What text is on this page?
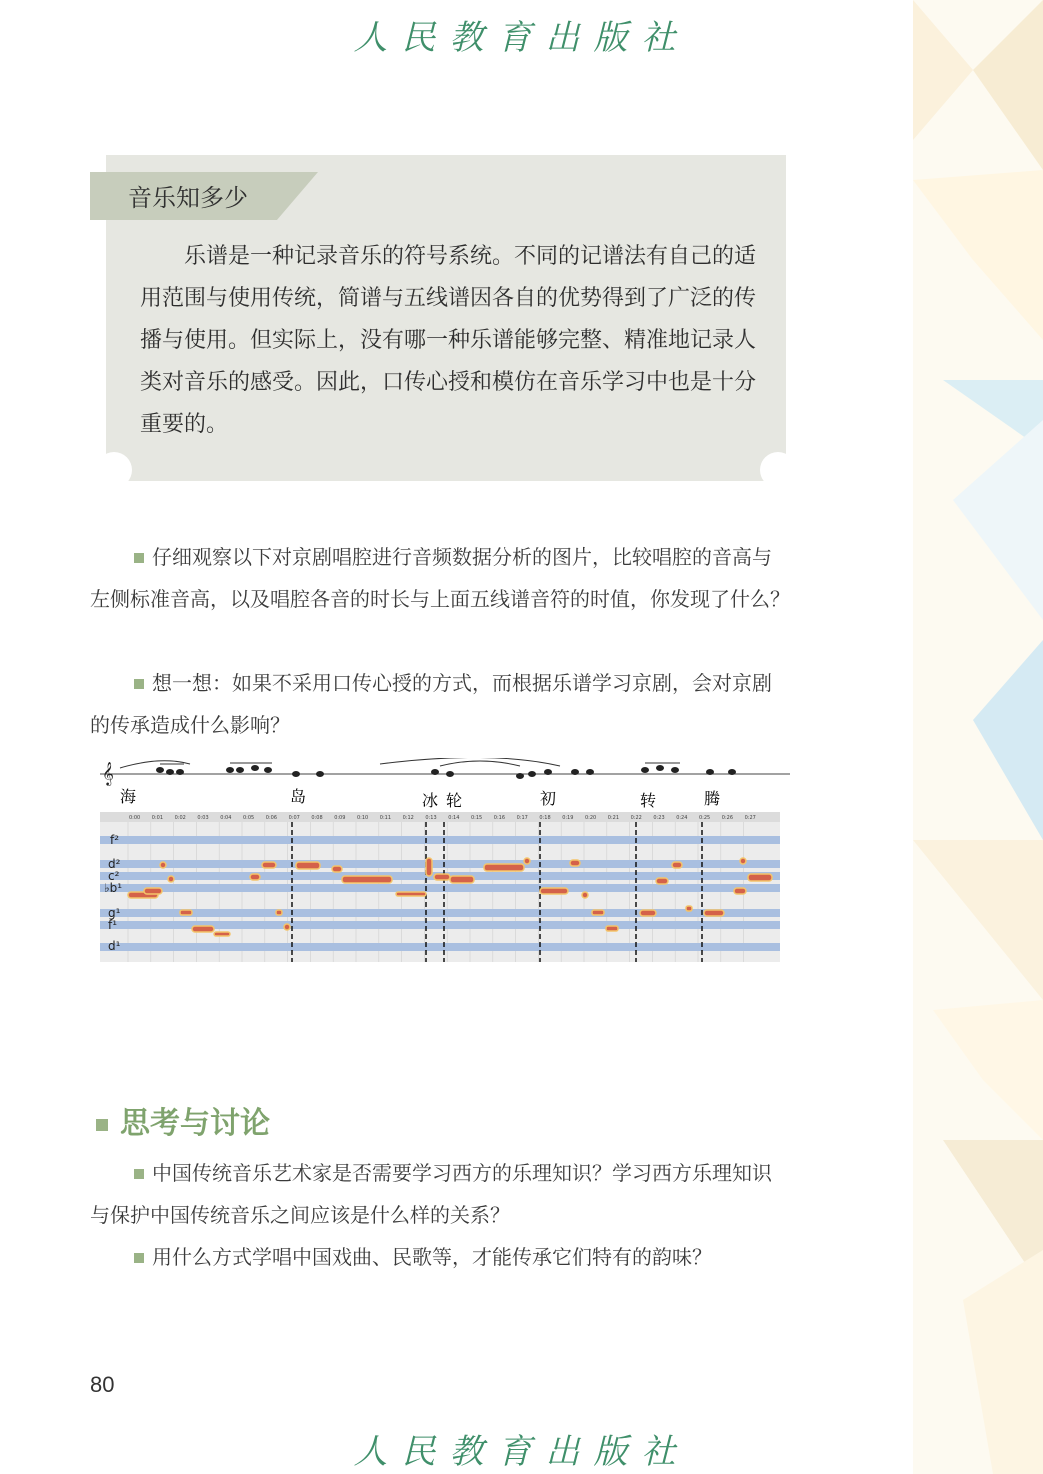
人民教育出版社
音乐知多少
乐谱是一种记录音乐的符号系统。不同的记谱法有自己的适用范围与使用传统，简谱与五线谱因各自的优势得到了广泛的传播与使用。但实际上，没有哪一种乐谱能够完整、精准地记录人类对音乐的感受。因此，口传心授和模仿在音乐学习中也是十分重要的。
仔细观察以下对京剧唱腔进行音频数据分析的图片，比较唱腔的音高与左侧标准音高，以及唱腔各音的时长与上面五线谱音符的时值，你发现了什么？
想一想：如果不采用口传心授的方式，而根据乐谱学习京剧，会对京剧的传承造成什么影响？
𝄞
海	岛	冰 轮	初	转	腾
0:00 0:01 0:02 0:03 0:04 0:05 0:06 0:07 0:08 0:09 0:10 0:11 0:12 0:13 0:14 0:15 0:16 0:17 0:18 0:19 0:20 0:21 0:22 0:23 0:24 0:25 0:26 0:27
f²
d²
c²
♭b¹
g¹
f¹
d¹
思考与讨论
中国传统音乐艺术家是否需要学习西方的乐理知识？学习西方乐理知识与保护中国传统音乐之间应该是什么样的关系？
用什么方式学唱中国戏曲、民歌等，才能传承它们特有的韵味？
80
人民教育出版社
